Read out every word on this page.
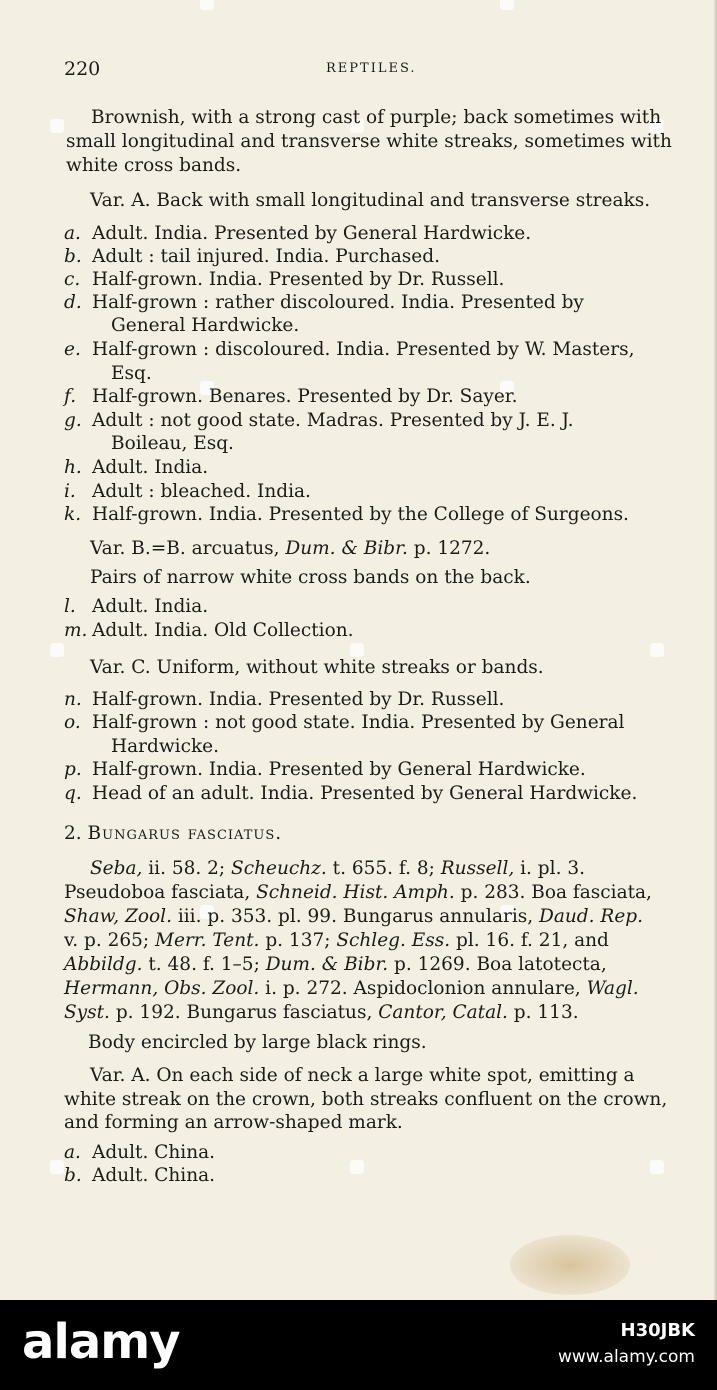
220	REPTILES.
Brownish, with a strong cast of purple; back sometimes with
small longitudinal and transverse white streaks, sometimes with
white cross bands.
Var. A. Back with small longitudinal and transverse streaks.
a. Adult. India. Presented by General Hardwicke.
b. Adult : tail injured. India. Purchased.
c. Half-grown. India. Presented by Dr. Russell.
d. Half-grown : rather discoloured. India. Presented by
General Hardwicke.
e. Half-grown : discoloured. India. Presented by W. Masters,
Esq.
f. Half-grown. Benares. Presented by Dr. Sayer.
g. Adult : not good state. Madras. Presented by J. E. J.
Boileau, Esq.
h. Adult. India.
i. Adult : bleached. India.
k. Half-grown. India. Presented by the College of Surgeons.
Var. B.=B. arcuatus, Dum. & Bibr. p. 1272.
Pairs of narrow white cross bands on the back.
l. Adult. India.
m. Adult. India. Old Collection.
Var. C. Uniform, without white streaks or bands.
n. Half-grown. India. Presented by Dr. Russell.
o. Half-grown : not good state. India. Presented by General
Hardwicke.
p. Half-grown. India. Presented by General Hardwicke.
q. Head of an adult. India. Presented by General Hardwicke.
2. Bungarus fasciatus.
Seba, ii. 58. 2; Scheuchz. t. 655. f. 8; Russell, i. pl. 3.
Pseudoboa fasciata, Schneid. Hist. Amph. p. 283. Boa fasciata,
Shaw, Zool. iii. p. 353. pl. 99. Bungarus annularis, Daud. Rep.
v. p. 265; Merr. Tent. p. 137; Schleg. Ess. pl. 16. f. 21, and
Abbildg. t. 48. f. 1–5; Dum. & Bibr. p. 1269. Boa latotecta,
Hermann, Obs. Zool. i. p. 272. Aspidoclonion annulare, Wagl.
Syst. p. 192. Bungarus fasciatus, Cantor, Catal. p. 113.
Body encircled by large black rings.
Var. A. On each side of neck a large white spot, emitting a
white streak on the crown, both streaks confluent on the crown,
and forming an arrow-shaped mark.
a. Adult. China.
b. Adult. China.
alamy	H30JBK
www.alamy.com
